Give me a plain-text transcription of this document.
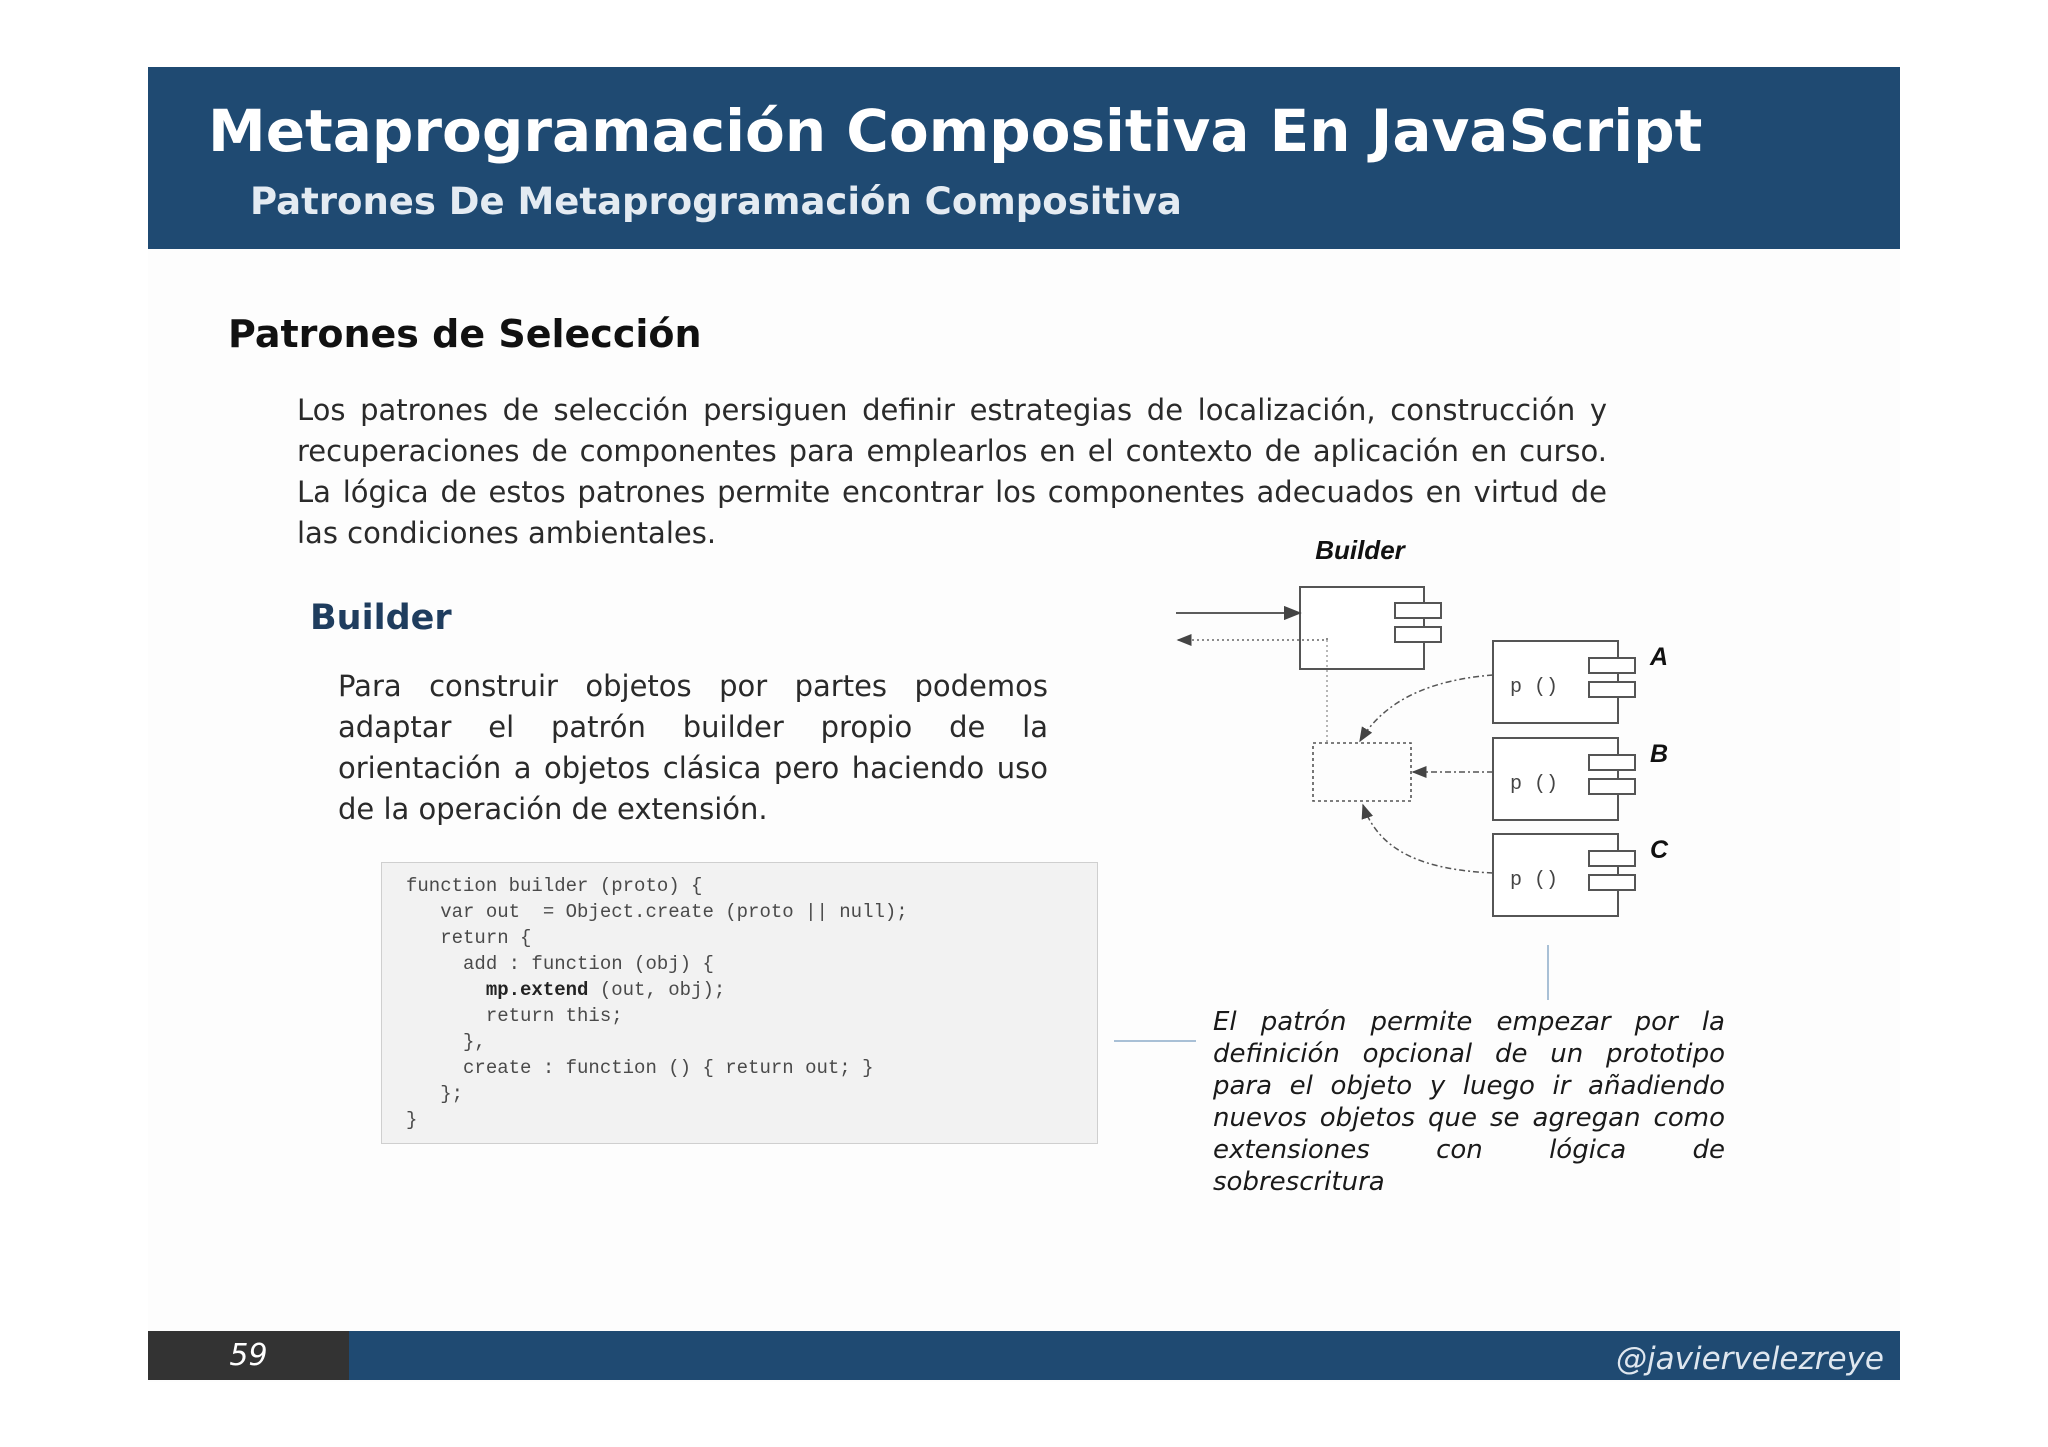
Metaprogramación Compositiva En JavaScript
Patrones De Metaprogramación Compositiva
Patrones de Selección

Los patrones de selección persiguen definir estrategias de localización, construcción y recuperaciones de componentes para emplearlos en el contexto de aplicación en curso. La lógica de estos patrones permite encontrar los componentes adecuados en virtud de las condiciones ambientales.

Builder

Para construir objetos por partes podemos adaptar el patrón builder propio de la orientación a objetos clásica pero haciendo uso de la operación de extensión.

function builder (proto) {
var out  = Object.create (proto || null);
return {
add : function (obj) {
mp.extend (out, obj);
return this;
},
create : function () { return out; }
};
}
Builder
p ()
A
p ()
B
p ()
C

El patrón permite empezar por la definición opcional de un prototipo para el objeto y luego ir añadiendo nuevos objetos que se agregan como extensiones con lógica de sobrescritura

59	@javiervelezreye
